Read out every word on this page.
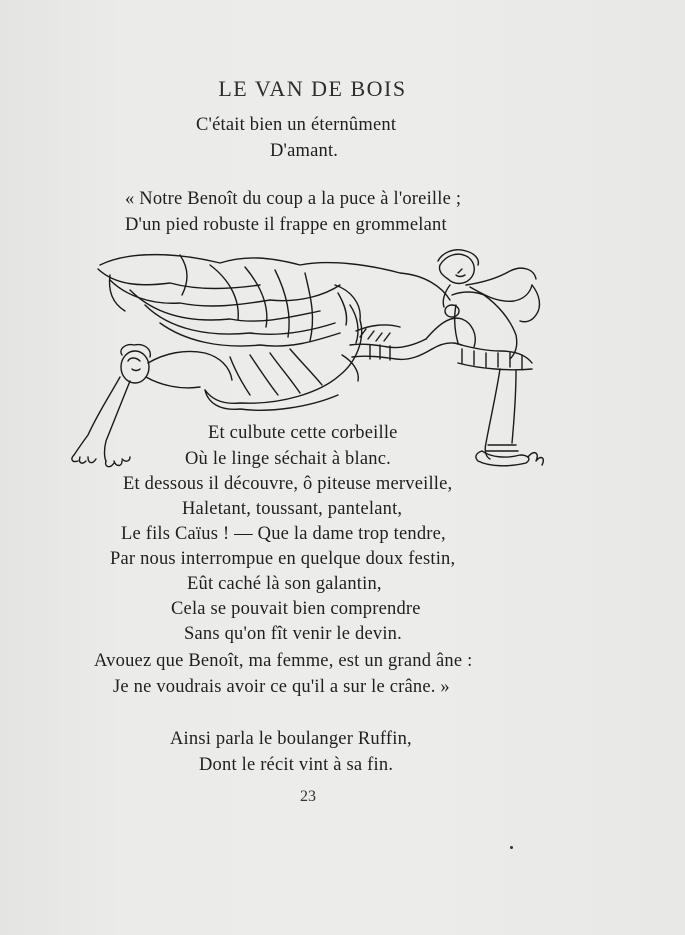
LE VAN DE BOIS
C'était bien un éternûment
D'amant.
« Notre Benoît du coup a la puce à l'oreille ;
D'un pied robuste il frappe en grommelant
Et culbute cette corbeille
Où le linge séchait à blanc.
Et dessous il découvre, ô piteuse merveille,
Haletant, toussant, pantelant,
Le fils Caïus ! — Que la dame trop tendre,
Par nous interrompue en quelque doux festin,
Eût caché là son galantin,
Cela se pouvait bien comprendre
Sans qu'on fît venir le devin.
Avouez que Benoît, ma femme, est un grand âne :
Je ne voudrais avoir ce qu'il a sur le crâne. »
Ainsi parla le boulanger Ruffin,
Dont le récit vint à sa fin.
23
